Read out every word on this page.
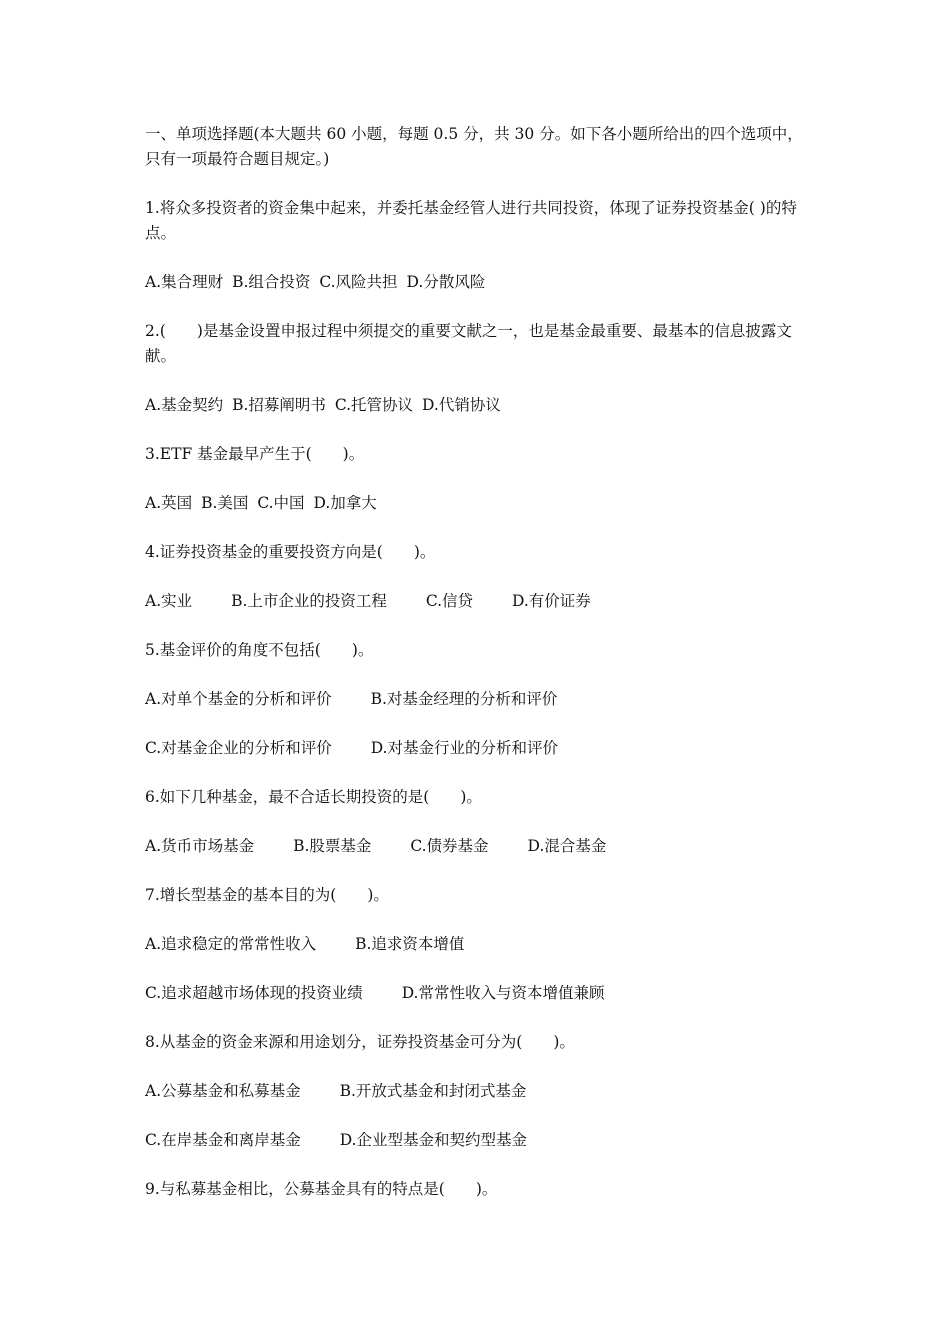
一、单项选择题(本大题共 60 小题，每题 0.5 分，共 30 分。如下各小题所给出的四个选项中，只有一项最符合题目规定。)

1.将众多投资者的资金集中起来，并委托基金经管人进行共同投资，体现了证券投资基金( )的特点。

A.集合理财 B.组合投资 C.风险共担 D.分散风险

2.(　　)是基金设置申报过程中须提交的重要文献之一，也是基金最重要、最基本的信息披露文献。

A.基金契约 B.招募阐明书 C.托管协议 D.代销协议

3.ETF 基金最早产生于(　　)。

A.英国 B.美国 C.中国 D.加拿大

4.证券投资基金的重要投资方向是(　　)。

A.实业	B.上市企业的投资工程	C.信贷	D.有价证券

5.基金评价的角度不包括(　　)。

A.对单个基金的分析和评价	B.对基金经理的分析和评价
C.对基金企业的分析和评价	D.对基金行业的分析和评价

6.如下几种基金，最不合适长期投资的是(　　)。

A.货币市场基金	B.股票基金	C.债券基金	D.混合基金

7.增长型基金的基本目的为(　　)。

A.追求稳定的常常性收入	B.追求资本增值
C.追求超越市场体现的投资业绩	D.常常性收入与资本增值兼顾

8.从基金的资金来源和用途划分，证券投资基金可分为(　　)。

A.公募基金和私募基金	B.开放式基金和封闭式基金
C.在岸基金和离岸基金	D.企业型基金和契约型基金

9.与私募基金相比，公募基金具有的特点是(　　)。
